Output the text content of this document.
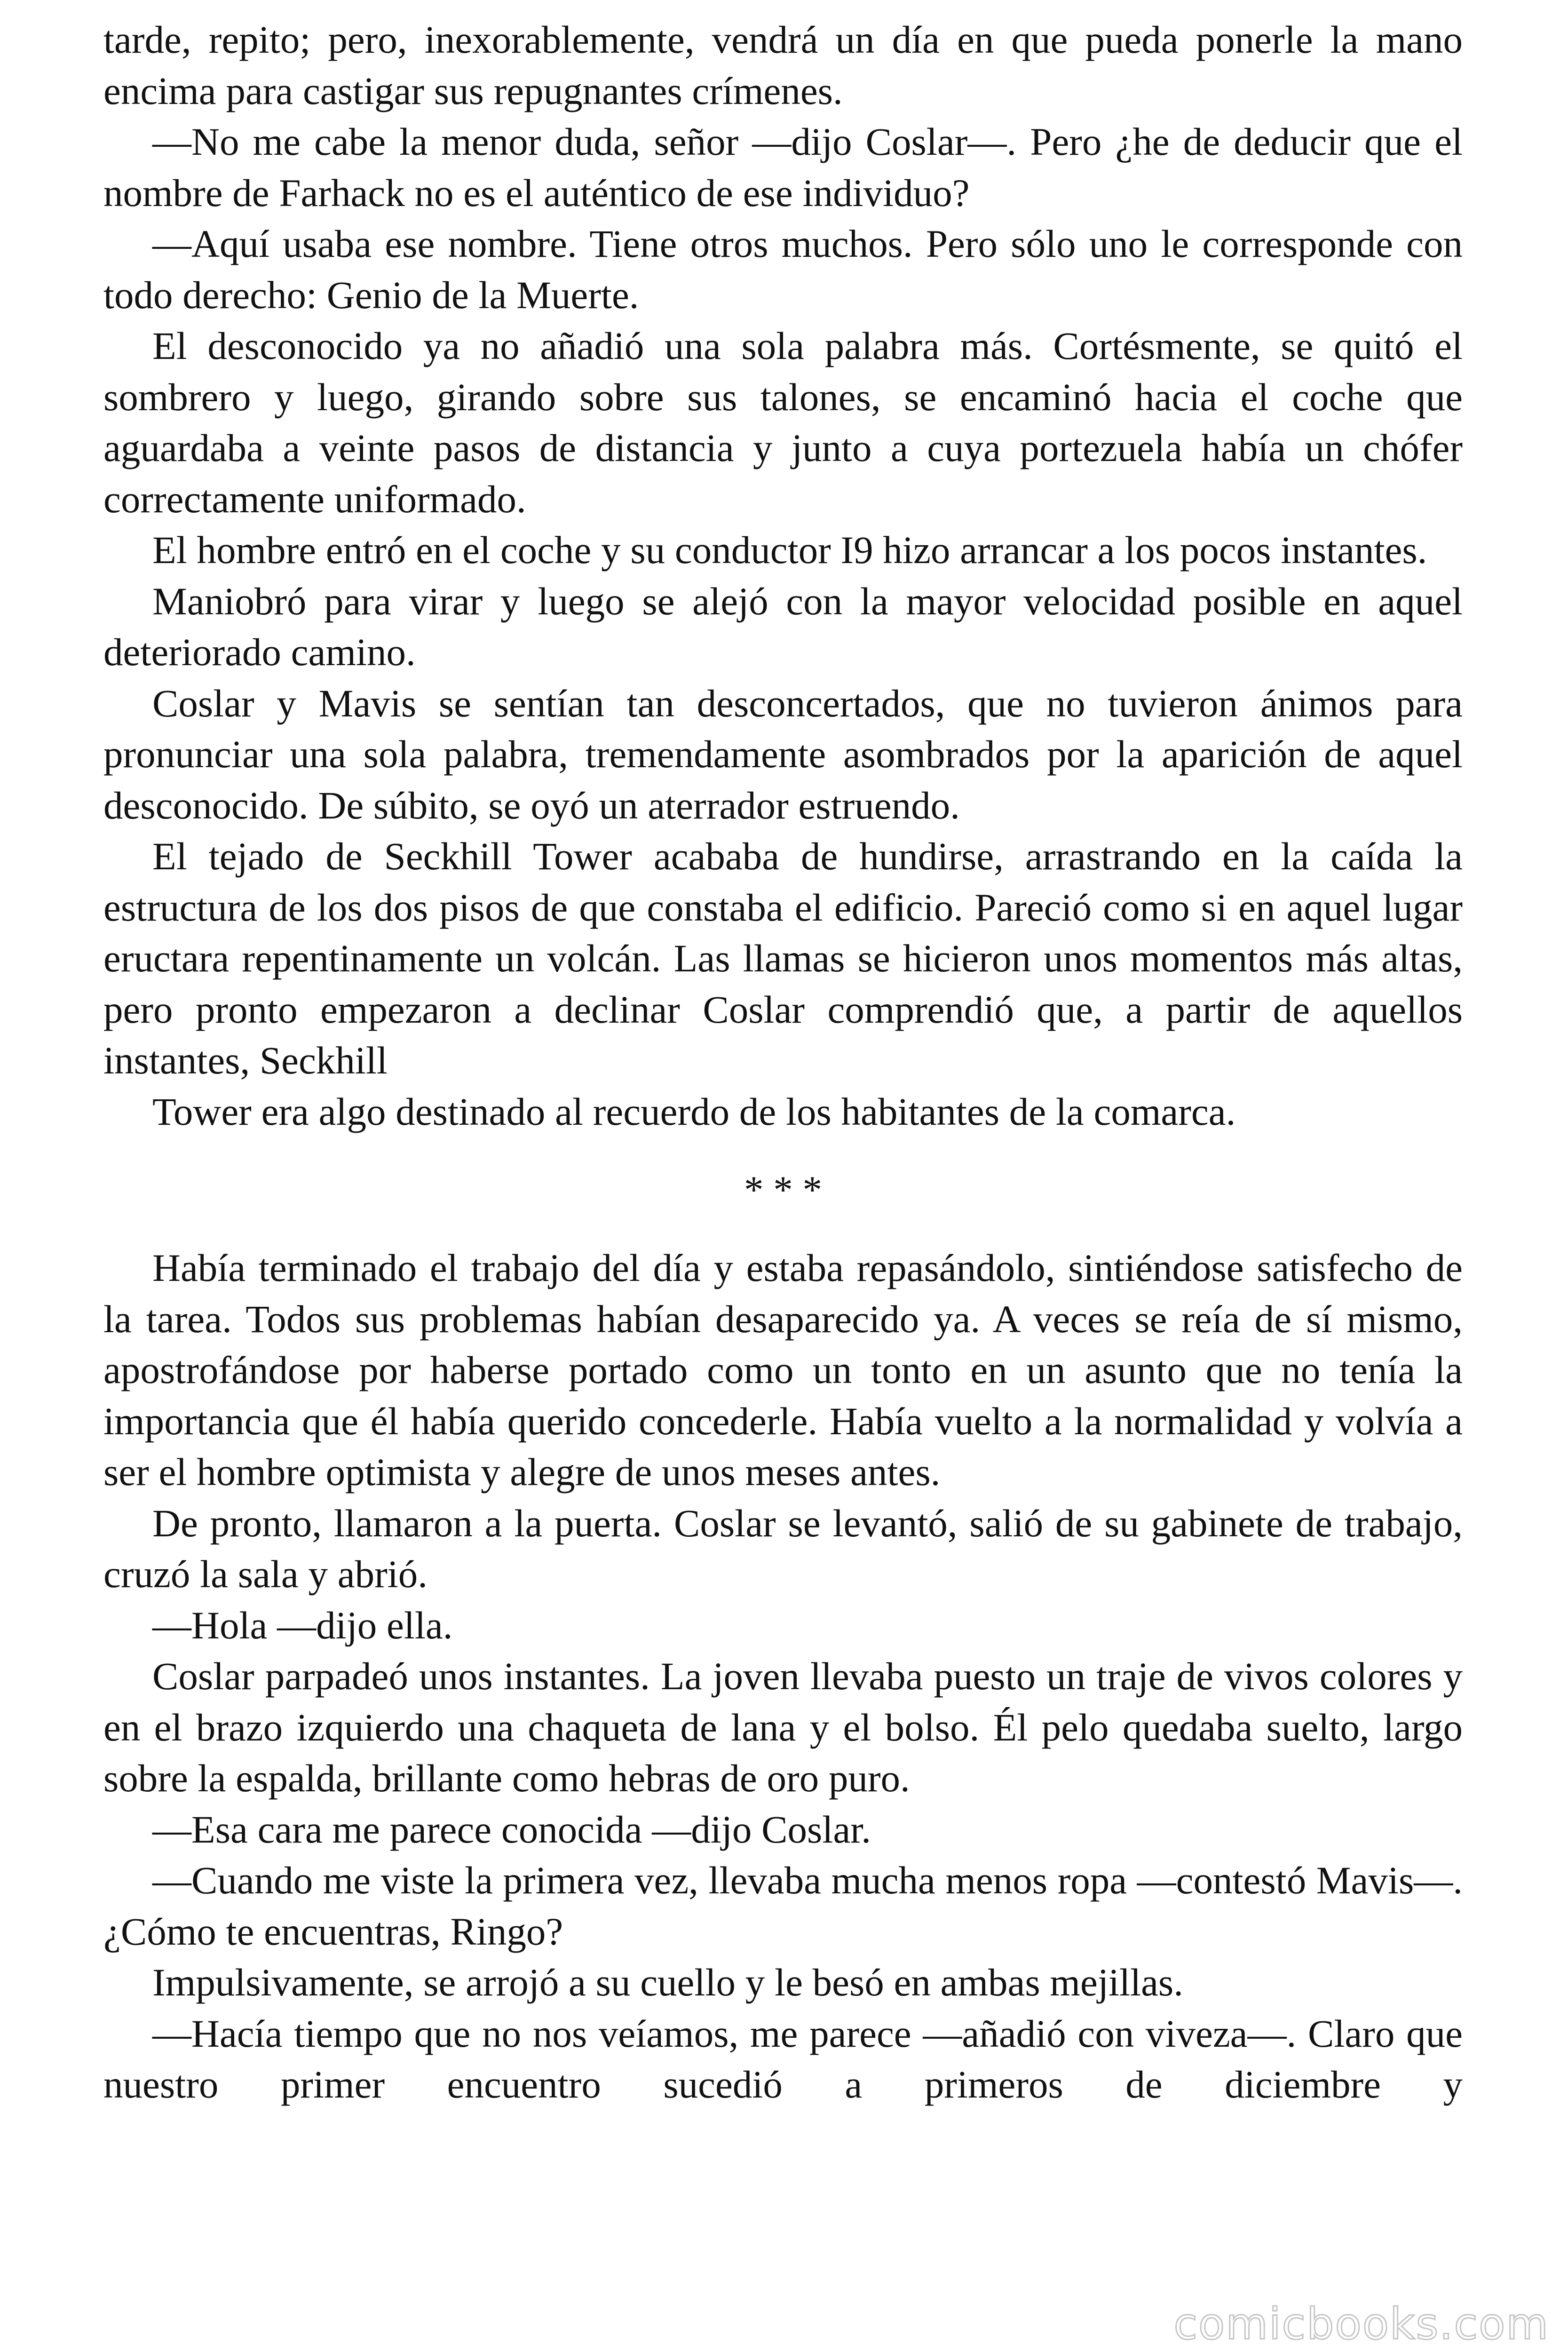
tarde, repito; pero, inexorablemente, vendrá un día en que pueda ponerle la mano encima para castigar sus repugnantes crímenes.

—No me cabe la menor duda, señor —dijo Coslar—. Pero ¿he de deducir que el nombre de Farhack no es el auténtico de ese individuo?

—Aquí usaba ese nombre. Tiene otros muchos. Pero sólo uno le corresponde con todo derecho: Genio de la Muerte.

El desconocido ya no añadió una sola palabra más. Cortésmente, se quitó el sombrero y luego, girando sobre sus talones, se encaminó hacia el coche que aguardaba a veinte pasos de distancia y junto a cuya portezuela había un chófer correctamente uniformado.

El hombre entró en el coche y su conductor I9 hizo arrancar a los pocos instantes.

Maniobró para virar y luego se alejó con la mayor velocidad posible en aquel deteriorado camino.

Coslar y Mavis se sentían tan desconcertados, que no tuvieron ánimos para pronunciar una sola palabra, tremendamente asombrados por la aparición de aquel desconocido. De súbito, se oyó un aterrador estruendo.

El tejado de Seckhill Tower acababa de hundirse, arrastrando en la caída la estructura de los dos pisos de que constaba el edificio. Pareció como si en aquel lugar eructara repentinamente un volcán. Las llamas se hicieron unos momentos más altas, pero pronto empezaron a declinar Coslar comprendió que, a partir de aquellos instantes, Seckhill

Tower era algo destinado al recuerdo de los habitantes de la comarca.

* * *

Había terminado el trabajo del día y estaba repasándolo, sintiéndose satisfecho de la tarea. Todos sus problemas habían desaparecido ya. A veces se reía de sí mismo, apostrofándose por haberse portado como un tonto en un asunto que no tenía la importancia que él había querido concederle. Había vuelto a la normalidad y volvía a ser el hombre optimista y alegre de unos meses antes.

De pronto, llamaron a la puerta. Coslar se levantó, salió de su gabinete de trabajo, cruzó la sala y abrió.

—Hola —dijo ella.

Coslar parpadeó unos instantes. La joven llevaba puesto un traje de vivos colores y en el brazo izquierdo una chaqueta de lana y el bolso. Él pelo quedaba suelto, largo sobre la espalda, brillante como hebras de oro puro.

—Esa cara me parece conocida —dijo Coslar.

—Cuando me viste la primera vez, llevaba mucha menos ropa —contestó Mavis—. ¿Cómo te encuentras, Ringo?

Impulsivamente, se arrojó a su cuello y le besó en ambas mejillas.

—Hacía tiempo que no nos veíamos, me parece —añadió con viveza—. Claro que nuestro primer encuentro sucedió a primeros de diciembre y

comicbooks.com
